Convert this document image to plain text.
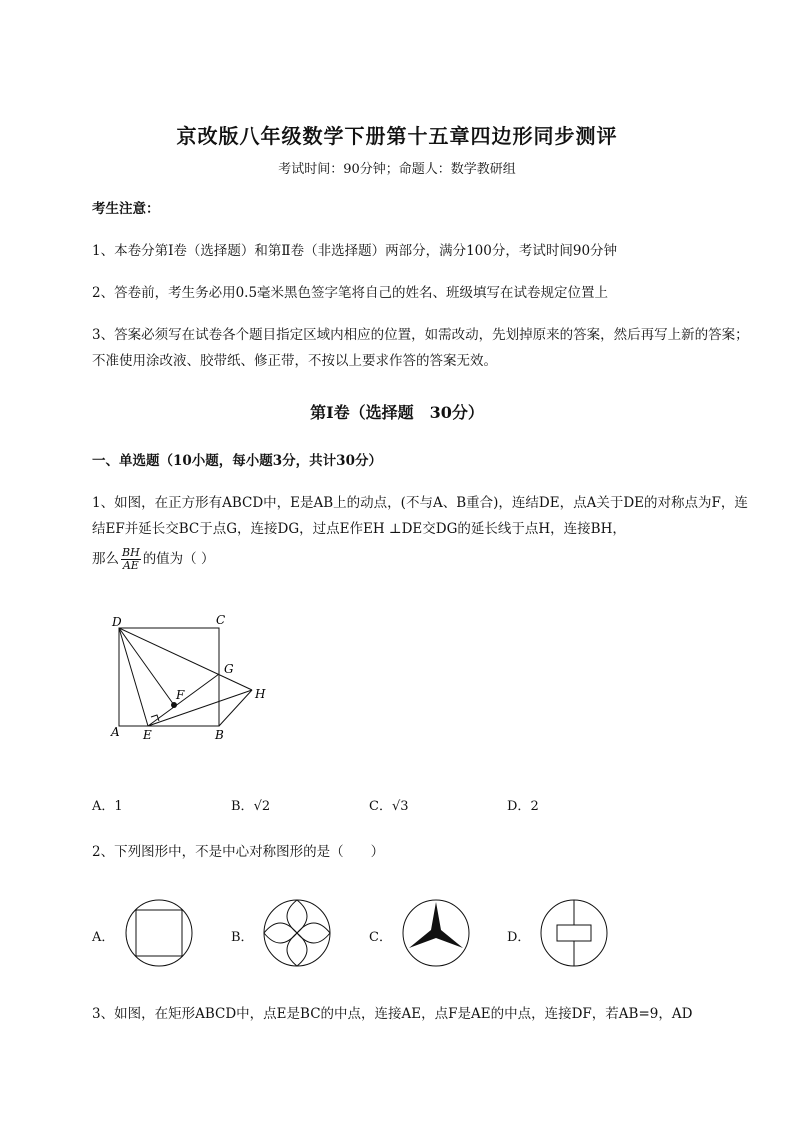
京改版八年级数学下册第十五章四边形同步测评
考试时间：90分钟；命题人：数学教研组
考生注意：
1、本卷分第Ⅰ卷（选择题）和第Ⅱ卷（非选择题）两部分，满分100分，考试时间90分钟
2、答卷前，考生务必用0.5毫米黑色签字笔将自己的姓名、班级填写在试卷规定位置上
3、答案必须写在试卷各个题目指定区域内相应的位置，如需改动，先划掉原来的答案，然后再写上新的答案；不准使用涂改液、胶带纸、修正带，不按以上要求作答的答案无效。
第Ⅰ卷（选择题　30分）
一、单选题（10小题，每小题3分，共计30分）
1、如图，在正方形有ABCD中，E是AB上的动点，(不与A、B重合)，连结DE，点A关于DE的对称点为F，连结EF并延长交BC于点G，连接DG，过点E作EH ⊥DE交DG的延长线于点H，连接BH，
那么 $\frac{BH}{AE}$ 的值为（ ）
D	C
G
F	H
A E	B
A．1	B．√2	C．√3	D．2
2、下列图形中，不是中心对称图形的是（　　）
A．	B．	C．	D．
3、如图，在矩形ABCD中，点E是BC的中点，连接AE，点F是AE的中点，连接DF，若AB=9，AD
